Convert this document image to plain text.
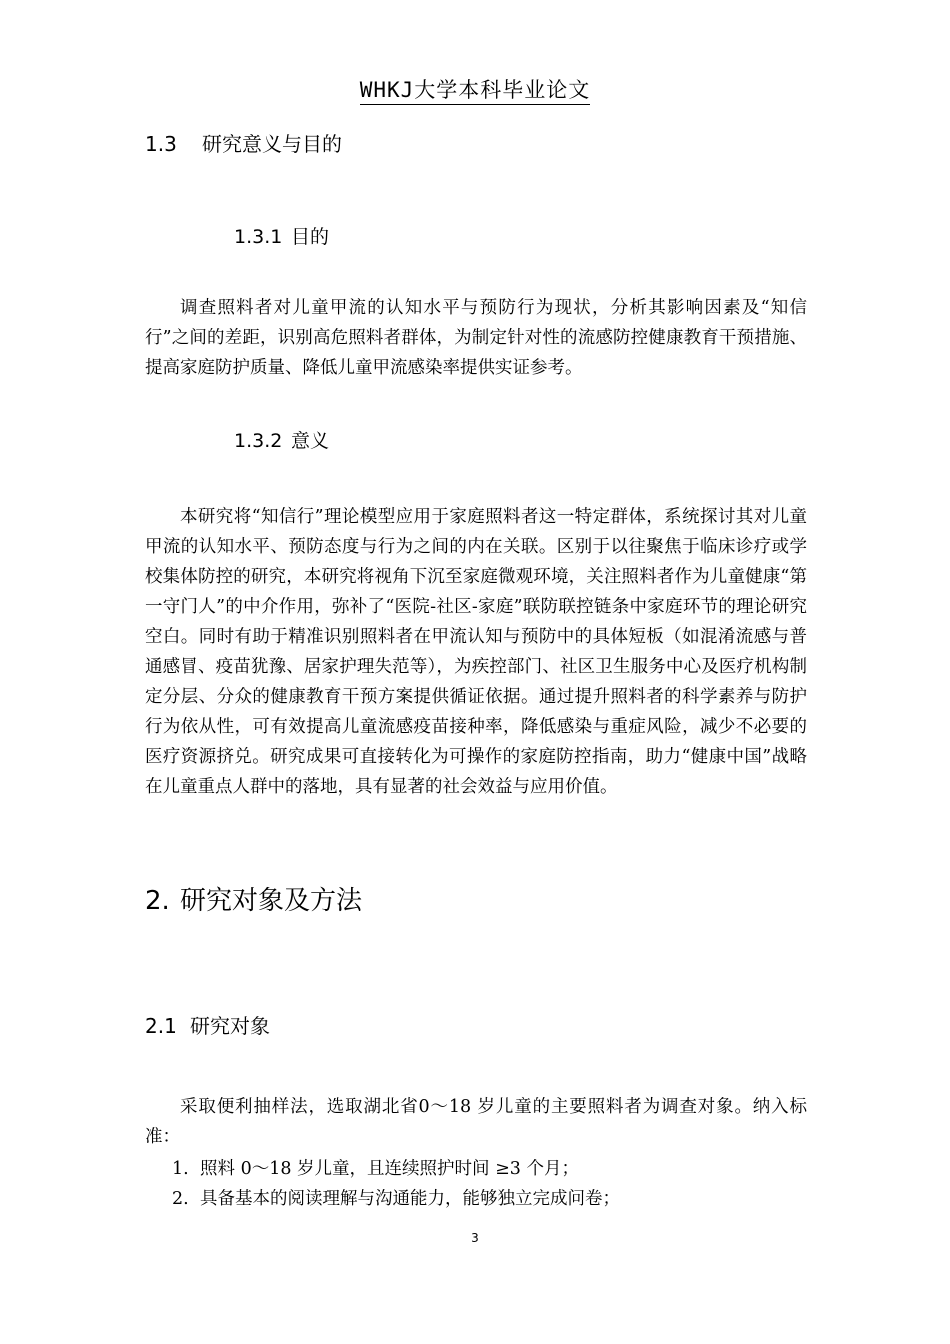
WHKJ大学本科毕业论文
1.3 研究意义与目的
1.3.1 目的

调查照料者对儿童甲流的认知水平与预防行为现状，分析其影响因素及“知信行”之间的差距，识别高危照料者群体，为制定针对性的流感防控健康教育干预措施、提高家庭防护质量、降低儿童甲流感染率提供实证参考。

1.3.2 意义

本研究将“知信行”理论模型应用于家庭照料者这一特定群体，系统探讨其对儿童甲流的认知水平、预防态度与行为之间的内在关联。区别于以往聚焦于临床诊疗或学校集体防控的研究，本研究将视角下沉至家庭微观环境，关注照料者作为儿童健康“第一守门人”的中介作用，弥补了“医院-社区-家庭”联防联控链条中家庭环节的理论研究空白。同时有助于精准识别照料者在甲流认知与预防中的具体短板（如混淆流感与普通感冒、疫苗犹豫、居家护理失范等），为疾控部门、社区卫生服务中心及医疗机构制定分层、分众的健康教育干预方案提供循证依据。通过提升照料者的科学素养与防护行为依从性，可有效提高儿童流感疫苗接种率，降低感染与重症风险，减少不必要的医疗资源挤兑。研究成果可直接转化为可操作的家庭防控指南，助力“健康中国”战略在儿童重点人群中的落地，具有显著的社会效益与应用价值。

2. 研究对象及方法
2.1 研究对象

采取便利抽样法，选取湖北省0～18 岁儿童的主要照料者为调查对象。纳入标准：

1. 照料 0～18 岁儿童，且连续照护时间 ≥3 个月；
2. 具备基本的阅读理解与沟通能力，能够独立完成问卷；
3
